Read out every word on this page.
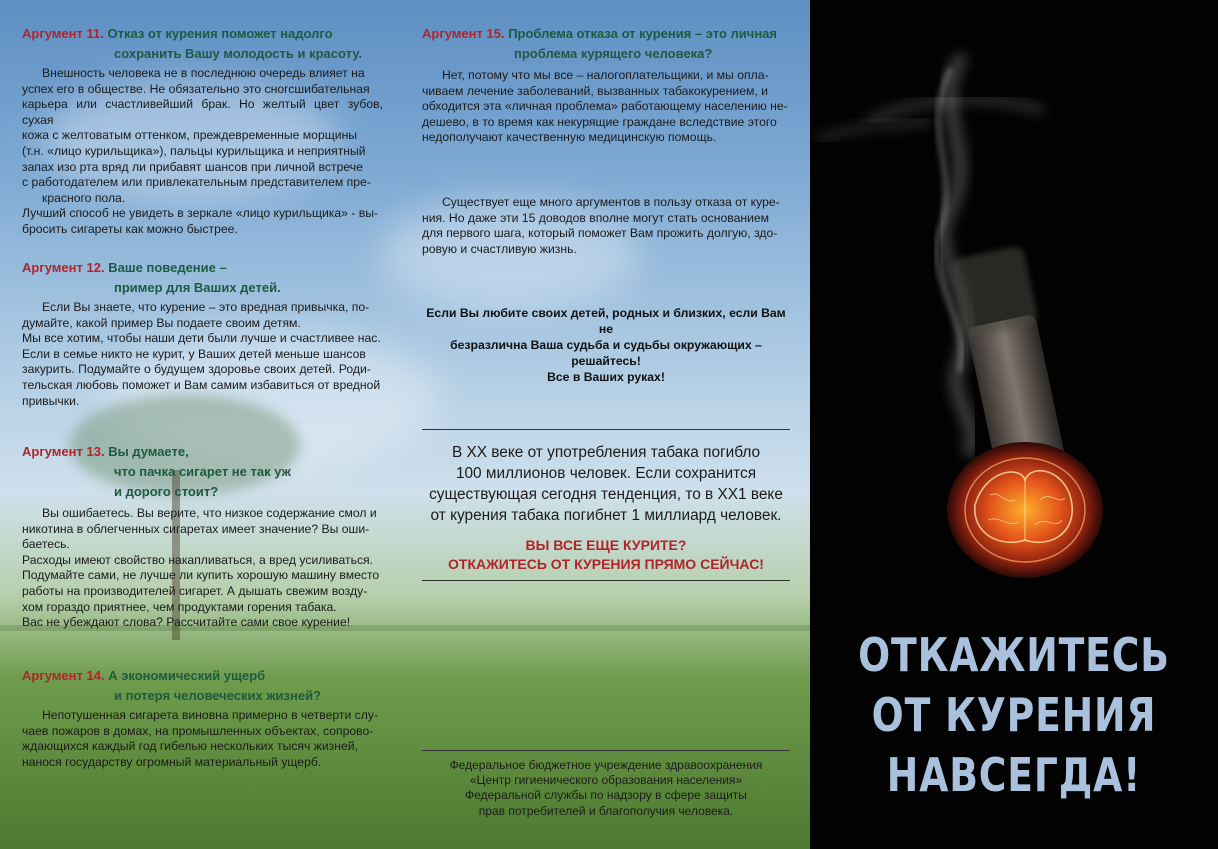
Аргумент 11. Отказ от курения поможет надолго
сохранить Вашу молодость и красоту.

Внешность человека не в последнюю очередь влияет на

успех его в обществе. Не обязательно это сногсшибательная

карьера или счастливейший брак. Но желтый цвет зубов, сухая

кожа с желтоватым оттенком, преждевременные морщины

(т.н. «лицо курильщика»), пальцы курильщика и неприятный

запах изо рта вряд ли прибавят шансов при личной встрече

с работодателем или привлекательным представителем пре-

красного пола.

Лучший способ не увидеть в зеркале «лицо курильщика» - вы-

бросить сигареты как можно быстрее.

Аргумент 12. Ваше поведение –
пример для Ваших детей.

Если Вы знаете, что курение – это вредная привычка, по-

думайте, какой пример Вы подаете своим детям.

Мы все хотим, чтобы наши дети были лучше и счастливее нас.

Если в семье никто не курит, у Ваших детей меньше шансов

закурить. Подумайте о будущем здоровье своих детей. Роди-

тельская любовь поможет и Вам самим избавиться от вредной

привычки.

Аргумент 13. Вы думаете,
что пачка сигарет не так уж
и дорого стоит?

Вы ошибаетесь. Вы верите, что низкое содержание смол и

никотина в облегченных сигаретах имеет значение? Вы оши-

баетесь.

Расходы имеют свойство накапливаться, а вред усиливаться.

Подумайте сами, не лучше ли купить хорошую машину вместо

работы на производителей сигарет. А дышать свежим возду-

хом гораздо приятнее, чем продуктами горения табака.

Вас не убеждают слова? Рассчитайте сами свое курение!

Аргумент 14. А экономический ущерб
и потеря человеческих жизней?

Непотушенная сигарета виновна примерно в четверти слу-

чаев пожаров в домах, на промышленных объектах, сопрово-

ждающихся каждый год гибелью нескольких тысяч жизней,

нанося государству огромный материальный ущерб.

Аргумент 15. Проблема отказа от курения – это личная
проблема курящего человека?

Нет, потому что мы все – налогоплательщики, и мы опла-

чиваем лечение заболеваний, вызванных табакокурением, и

обходится эта «личная проблема» работающему населению не-

дешево, в то время как некурящие граждане вследствие этого

недополучают качественную медицинскую помощь.

Существует еще много аргументов в пользу отказа от куре-

ния. Но даже эти 15 доводов вполне могут стать основанием

для первого шага, который поможет Вам прожить долгую, здо-

ровую и счастливую жизнь.

Если Вы любите своих детей, родных и близких, если Вам не
безразлична Ваша судьба и судьбы окружающих – решайтесь!
Все в Ваших руках!
В ХХ веке от употребления табака погибло
100 миллионов человек. Если сохранится
существующая сегодня тенденция, то в ХХ1 веке
от курения табака погибнет 1 миллиард человек.
ВЫ ВСЕ ЕЩЕ КУРИТЕ?
ОТКАЖИТЕСЬ ОТ КУРЕНИЯ ПРЯМО СЕЙЧАС!
Федеральное бюджетное учреждение здравоохранения
«Центр гигиенического образования населения»
Федеральной службы по надзору в сфере защиты
прав потребителей и благополучия человека.
ОТКАЖИТЕСЬ
ОТ КУРЕНИЯ
НАВСЕГДА!
